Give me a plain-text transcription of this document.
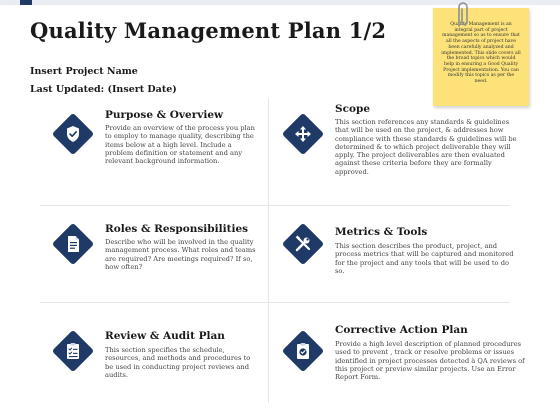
Quality Management Plan 1/2
Insert Project Name
Last Updated: (Insert Date)
Quality Management is an integral part of project management so as to ensure that all the aspects of project have been carefully analyzed and implemented. This slide covers all the broad topics which would help in ensuring a Good Quality Project implementation. You can modify this topics as per the need.
Purpose & Overview
Provide an overview of the process you plan to employ to manage quality, describing the items below at a high level. Include a problem definition or statement and any relevant background information.
Scope
This section references any standards & guidelines that will be used on the project, & addresses how compliance with these standards & guidelines will be determined & to which project deliverable they will apply. The project deliverables are then evaluated against these criteria before they are formally approved.
Roles & Responsibilities
Describe who will be involved in the quality management process. What roles and teams are required? Are meetings required? If so, how often?
Metrics & Tools
This section describes the product, project, and process metrics that will be captured and monitored for the project and any tools that will be used to do so.
Review & Audit Plan
This section specifies the schedule, resources, and methods and procedures to be used in conducting project reviews and audits.
Corrective Action Plan
Provide a high level description of planned procedures used to prevent , track or resolve problems or issues identified in project processes detected à QA reviews of this project or preview similar projects. Use an Error Report Form.
